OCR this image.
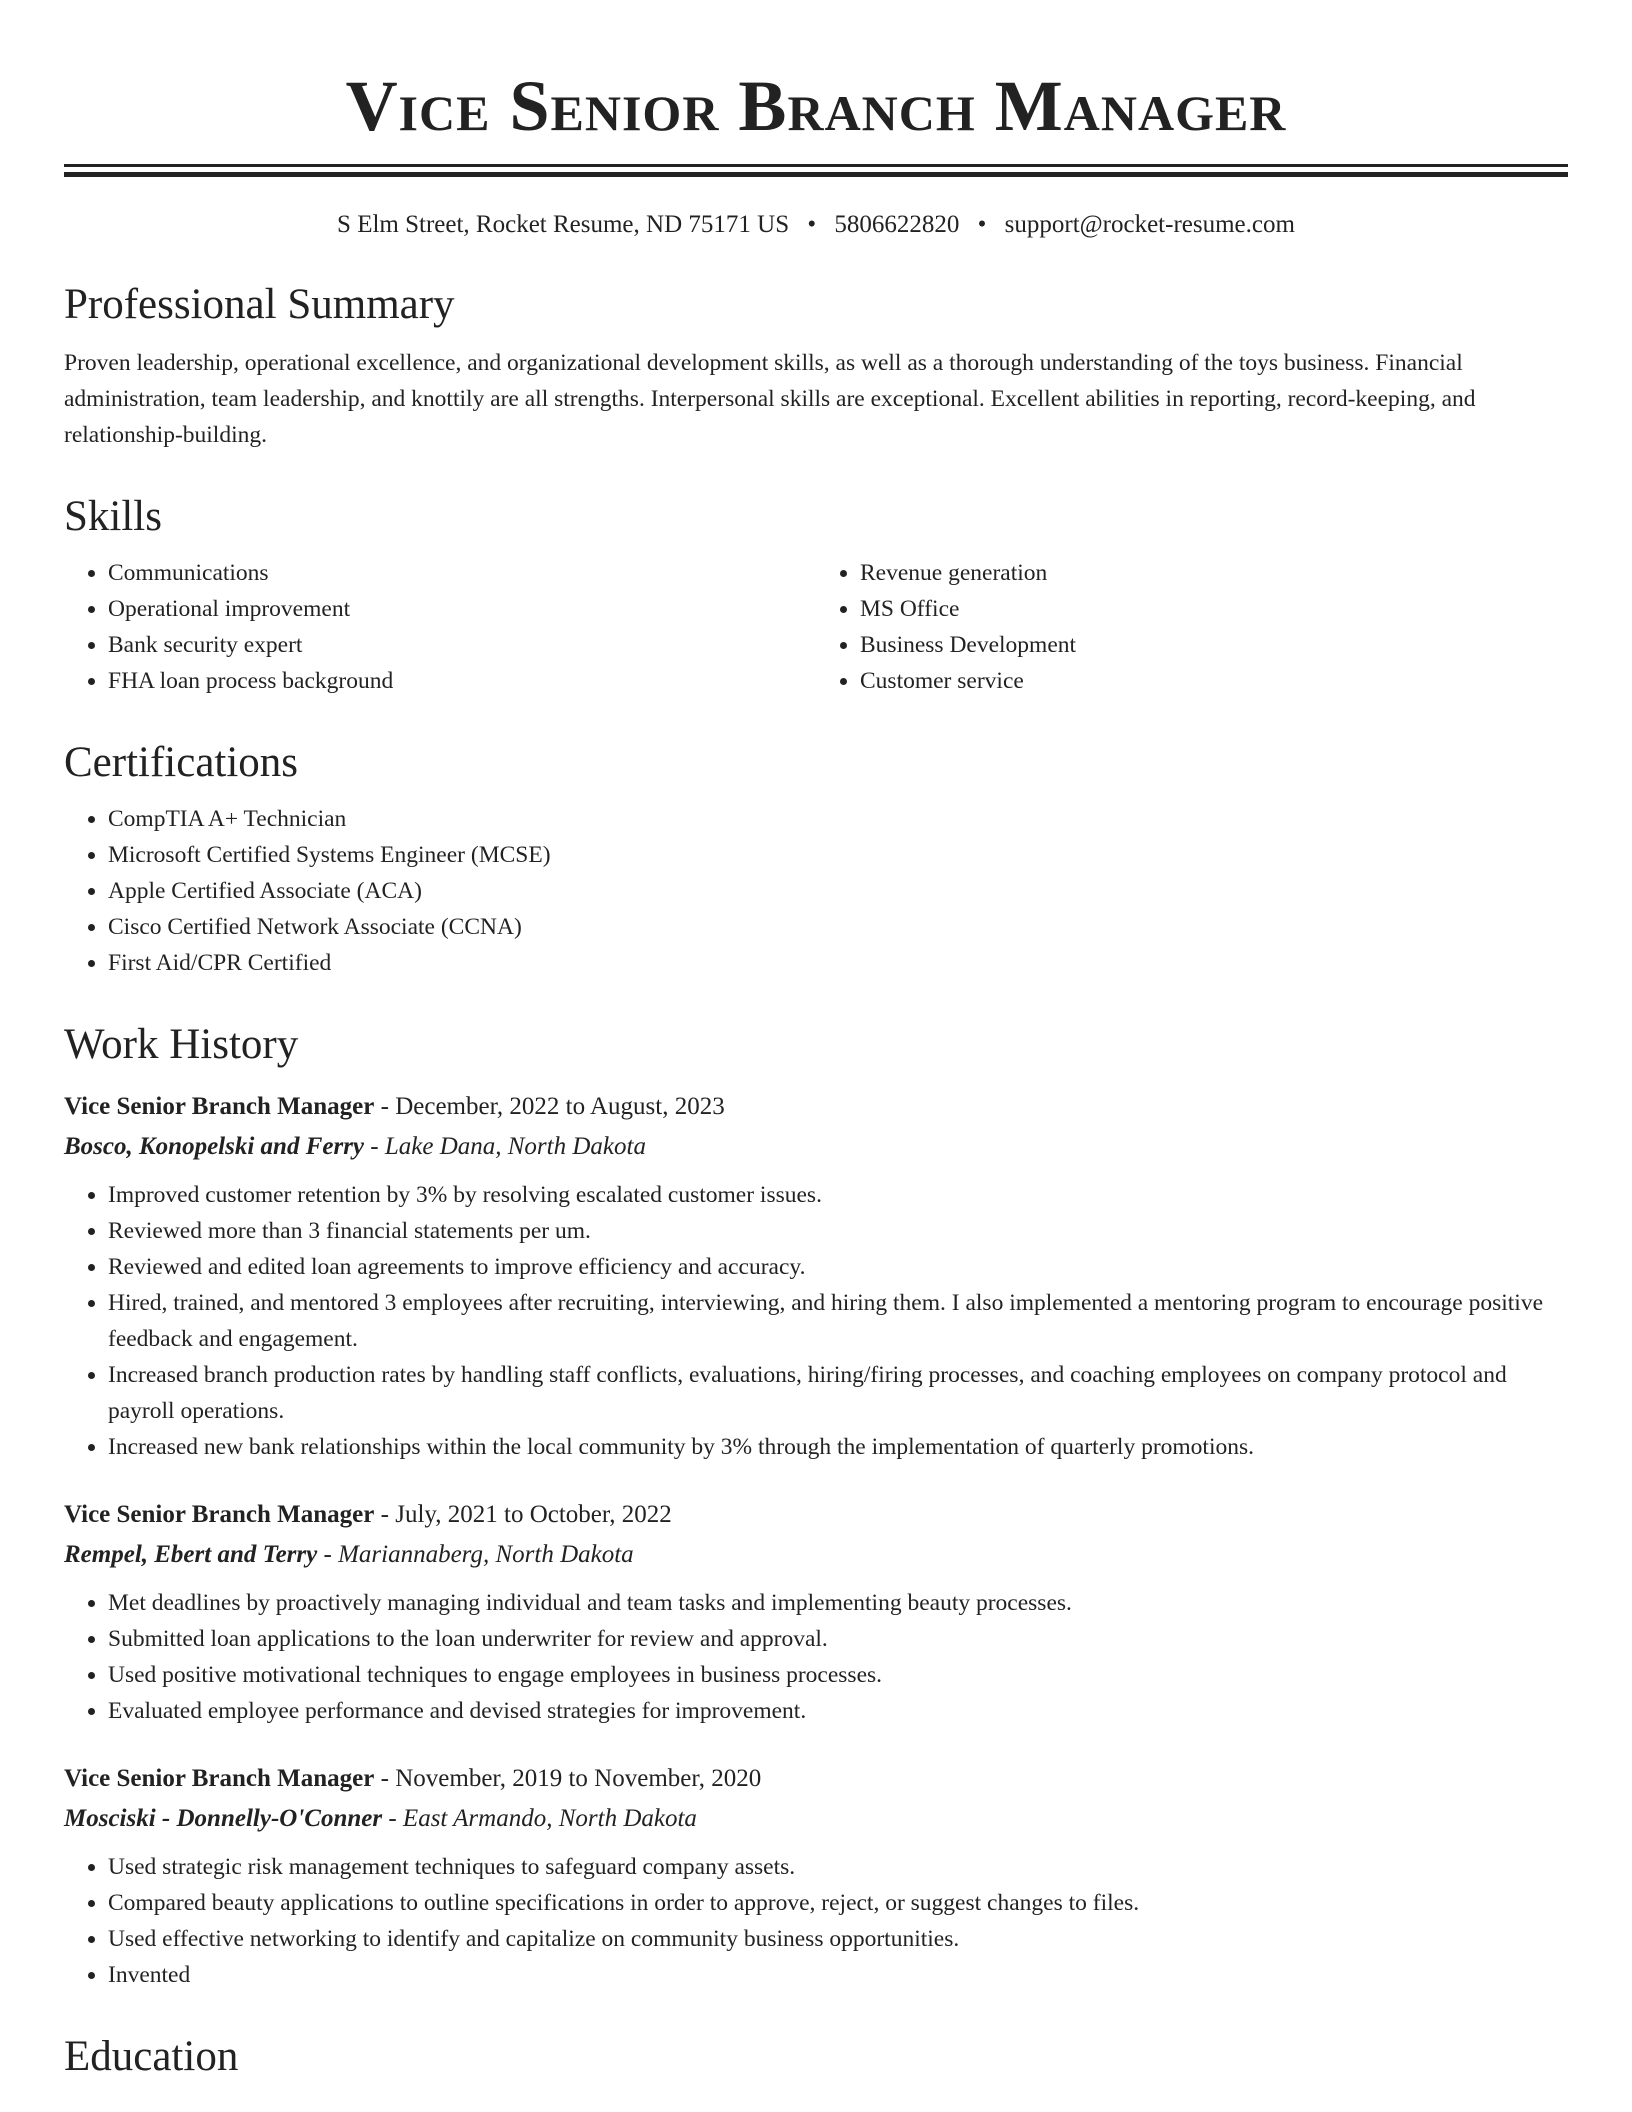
Vice Senior Branch Manager
S Elm Street, Rocket Resume, ND 75171 US • 5806622820 • support@rocket-resume.com
Professional Summary

Proven leadership, operational excellence, and organizational development skills, as well as a thorough understanding of the toys business. Financial administration, team leadership, and knottily are all strengths. Interpersonal skills are exceptional. Excellent abilities in reporting, record-keeping, and relationship-building.

Skills
• Communications
• Operational improvement
• Bank security expert
• FHA loan process background
• Revenue generation
• MS Office
• Business Development
• Customer service
Certifications
• CompTIA A+ Technician
• Microsoft Certified Systems Engineer (MCSE)
• Apple Certified Associate (ACA)
• Cisco Certified Network Associate (CCNA)
• First Aid/CPR Certified
Work History
Vice Senior Branch Manager - December, 2022 to August, 2023
Bosco, Konopelski and Ferry - Lake Dana, North Dakota
• Improved customer retention by 3% by resolving escalated customer issues.
• Reviewed more than 3 financial statements per um.
• Reviewed and edited loan agreements to improve efficiency and accuracy.
• Hired, trained, and mentored 3 employees after recruiting, interviewing, and hiring them. I also implemented a mentoring program to encourage positive feedback and engagement.
• Increased branch production rates by handling staff conflicts, evaluations, hiring/firing processes, and coaching employees on company protocol and payroll operations.
• Increased new bank relationships within the local community by 3% through the implementation of quarterly promotions.
Vice Senior Branch Manager - July, 2021 to October, 2022
Rempel, Ebert and Terry - Mariannaberg, North Dakota
• Met deadlines by proactively managing individual and team tasks and implementing beauty processes.
• Submitted loan applications to the loan underwriter for review and approval.
• Used positive motivational techniques to engage employees in business processes.
• Evaluated employee performance and devised strategies for improvement.
Vice Senior Branch Manager - November, 2019 to November, 2020
Mosciski - Donnelly-O'Conner - East Armando, North Dakota
• Used strategic risk management techniques to safeguard company assets.
• Compared beauty applications to outline specifications in order to approve, reject, or suggest changes to files.
• Used effective networking to identify and capitalize on community business opportunities.
• Invented
Education
